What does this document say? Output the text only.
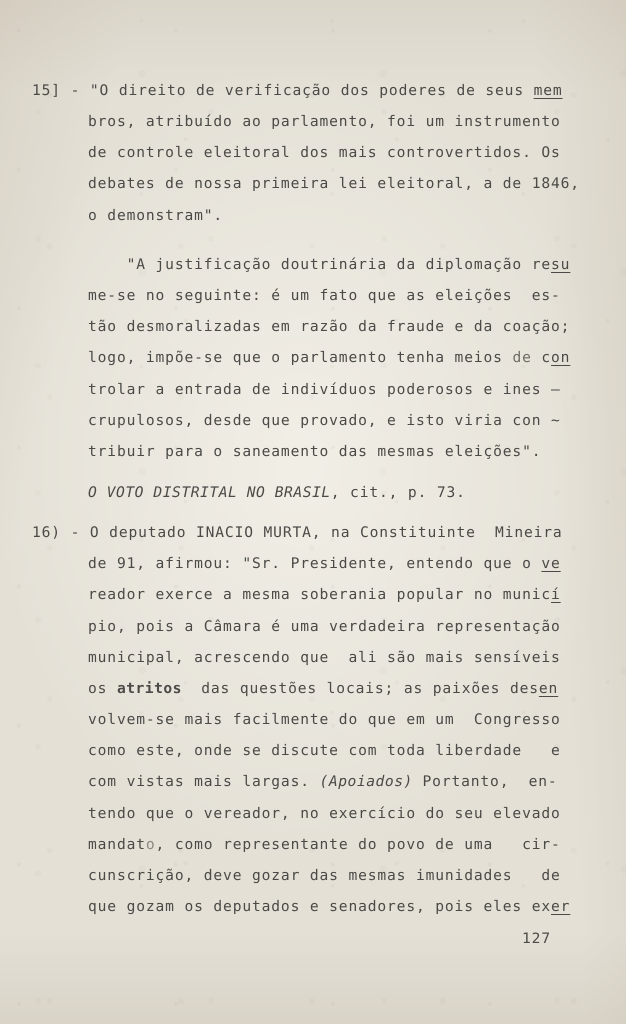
15] - "O direito de verificação dos poderes de seus mem

bros, atribuído ao parlamento, foi um instrumento

de controle eleitoral dos mais controvertidos. Os

debates de nossa primeira lei eleitoral, a de 1846,

o demonstram".

"A justificação doutrinária da diplomação resu

me-se no seguinte: é um fato que as eleições  es-

tão desmoralizadas em razão da fraude e da coação;

logo, impõe-se que o parlamento tenha meios de con

trolar a entrada de indivíduos poderosos e ines —

crupulosos, desde que provado, e isto viria con ~

tribuir para o saneamento das mesmas eleições".

O VOTO DISTRITAL NO BRASIL, cit., p. 73.

16) - O deputado INACIO MURTA, na Constituinte  Mineira

de 91, afirmou: "Sr. Presidente, entendo que o ve

reador exerce a mesma soberania popular no municí

pio, pois a Câmara é uma verdadeira representação

municipal, acrescendo que  ali são mais sensíveis

os atritos  das questões locais; as paixões desen

volvem-se mais facilmente do que em um  Congresso

como este, onde se discute com toda liberdade   e

com vistas mais largas. (Apoiados) Portanto,  en-

tendo que o vereador, no exercício do seu elevado

mandato, como representante do povo de uma   cir-

cunscrição, deve gozar das mesmas imunidades   de

que gozam os deputados e senadores, pois eles exer

127
